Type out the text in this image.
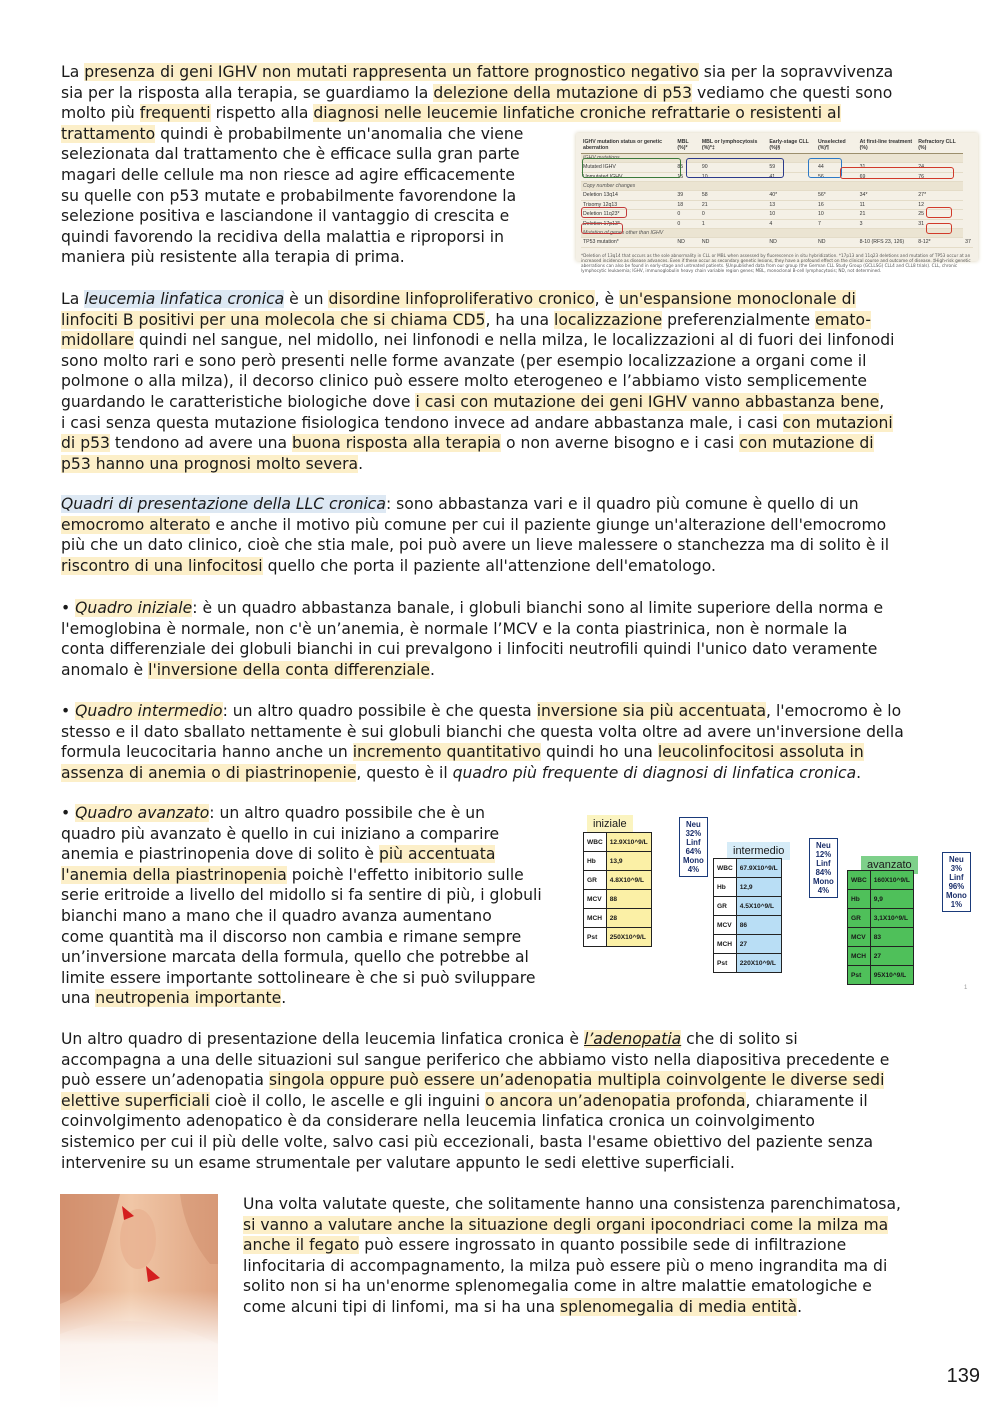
La presenza di geni IGHV non mutati rappresenta un fattore prognostico negativo sia per la sopravvivenza

sia per la risposta alla terapia, se guardiamo la delezione della mutazione di p53 vediamo che questi sono

molto più frequenti rispetto alla diagnosi nelle leucemie linfatiche croniche refrattarie o resistenti al

trattamento quindi è probabilmente un'anomalia che viene

selezionata dal trattamento che è efficace sulla gran parte

magari delle cellule ma non riesce ad agire efficacemente

su quelle con p53 mutate e probabilmente favorendone la

selezione positiva e lasciandone il vantaggio di crescita e

quindi favorendo la recidiva della malattia e riproporsi in

maniera più resistente alla terapia di prima.

IGHV mutation status or genetic aberration	MBL (%)*	MBL or lymphocytosis (%)*‡	Early-stage CLL (%)§	Unselected (%)¶	At first-line treatment (%)	Refractory CLL (%)	
IGHV mutations							
Mutated IGHV	85	90	59	44	31	24	
Unmutated IGHV	15	10	41	56	69	76	
Copy number changes							
Deletion 13q14	39	58	40*	56*	34*	27*	
Trisomy 12q13	18	21	13	16	11	12	
Deletion 11q23*	0	0	10	10	21	25	
Deletion 17p13*	0	1	4	7	3	31	
Mutation of genes other than IGHV							
TP53 mutation*	ND	ND	ND	ND	8-10 (RFS 23, 126)	8-12*	37
*Deletion of 13q14 that occurs as the sole abnormality in CLL or MBL when assessed by fluorescence in situ hybridization. *17p13 and 11q23 deletions and mutation of TP53 occur at an increased incidence as disease advances. Even if these occur as secondary genetic lesions, they have a profound effect on the clinical course and outcome of disease. ‡High-risk genetic aberrations can also be found in early-stage and untreated patients. §Unpublished data from our group (the German CLL Study Group (GCLLSG) CLL4 and CLL8 trials). CLL, chronic lymphocytic leukaemia; IGHV, immunoglobulin heavy chain variable region genes; MBL, monoclonal B-cell lymphocytosis; ND, not determined.

La leucemia linfatica cronica è un disordine linfoproliferativo cronico, è un'espansione monoclonale di

linfociti B positivi per una molecola che si chiama CD5, ha una localizzazione preferenzialmente emato-

midollare quindi nel sangue, nel midollo, nei linfonodi e nella milza, le localizzazioni al di fuori dei linfonodi

sono molto rari e sono però presenti nelle forme avanzate (per esempio localizzazione a organi come il

polmone o alla milza), il decorso clinico può essere molto eterogeneo e l’abbiamo visto semplicemente

guardando le caratteristiche biologiche dove i casi con mutazione dei geni IGHV vanno abbastanza bene,

i casi senza questa mutazione fisiologica tendono invece ad andare abbastanza male, i casi con mutazioni

di p53 tendono ad avere una buona risposta alla terapia o non averne bisogno e i casi con mutazione di

p53 hanno una prognosi molto severa.

Quadri di presentazione della LLC cronica: sono abbastanza vari e il quadro più comune è quello di un

emocromo alterato e anche il motivo più comune per cui il paziente giunge un'alterazione dell'emocromo

più che un dato clinico, cioè che stia male, poi può avere un lieve malessere o stanchezza ma di solito è il

riscontro di una linfocitosi quello che porta il paziente all'attenzione dell'ematologo.

• Quadro iniziale: è un quadro abbastanza banale, i globuli bianchi sono al limite superiore della norma e

l'emoglobina è normale, non c'è un’anemia, è normale l’MCV e la conta piastrinica, non è normale la

conta differenziale dei globuli bianchi in cui prevalgono i linfociti neutrofili quindi l'unico dato veramente

anomalo è l'inversione della conta differenziale.

• Quadro intermedio: un altro quadro possibile è che questa inversione sia più accentuata, l'emocromo è lo

stesso e il dato sballato nettamente è sui globuli bianchi che questa volta oltre ad avere un'inversione della

formula leucocitaria hanno anche un incremento quantitativo quindi ho una leucolinfocitosi assoluta in

assenza di anemia o di piastrinopenie, questo è il quadro più frequente di diagnosi di linfatica cronica.

• Quadro avanzato: un altro quadro possibile che è un

quadro più avanzato è quello in cui iniziano a comparire

anemia e piastrinopenia dove di solito è più accentuata

l'anemia della piastrinopenia poichè l'effetto inibitorio sulle

serie eritroide a livello del midollo si fa sentire di più, i globuli

bianchi mano a mano che il quadro avanza aumentano

come quantità ma il discorso non cambia e rimane sempre

un’inversione marcata della formula, quello che potrebbe al

limite essere importante sottolineare è che si può sviluppare

una neutropenia importante.

iniziale	Neu 32%
Linf 64%
Mono 4%
WBC	12.9X10^9/L
Hb	13,9
GR	4.8X10^9/L
MCV	88
MCH	28
Pst	250X10^9/L
intermedio	Neu 12%
Linf 84%
Mono 4%
WBC	67.9X10^9/L
Hb	12,9
GR	4.5X10^9/L
MCV	86
MCH	27
Pst	220X10^9/L
avanzato	Neu 3%
Linf 96%
Mono 1%
WBC	160X10^9/L
Hb	9,9
GR	3,1X10^9/L
MCV	83
MCH	27
Pst	95X10^9/L
1

Un altro quadro di presentazione della leucemia linfatica cronica è l’adenopatia che di solito si

accompagna a una delle situazioni sul sangue periferico che abbiamo visto nella diapositiva precedente e

può essere un’adenopatia singola oppure può essere un’adenopatia multipla coinvolgente le diverse sedi

elettive superficiali cioè il collo, le ascelle e gli inguini o ancora un’adenopatia profonda, chiaramente il

coinvolgimento adenopatico è da considerare nella leucemia linfatica cronica un coinvolgimento

sistemico per cui il più delle volte, salvo casi più eccezionali, basta l'esame obiettivo del paziente senza

intervenire su un esame strumentale per valutare appunto le sedi elettive superficiali.

Una volta valutate queste, che solitamente hanno una consistenza parenchimatosa,

si vanno a valutare anche la situazione degli organi ipocondriaci come la milza ma

anche il fegato può essere ingrossato in quanto possibile sede di infiltrazione

linfocitaria di accompagnamento, la milza può essere più o meno ingrandita ma di

solito non si ha un'enorme splenomegalia come in altre malattie ematologiche e

come alcuni tipi di linfomi, ma si ha una splenomegalia di media entità.

139
